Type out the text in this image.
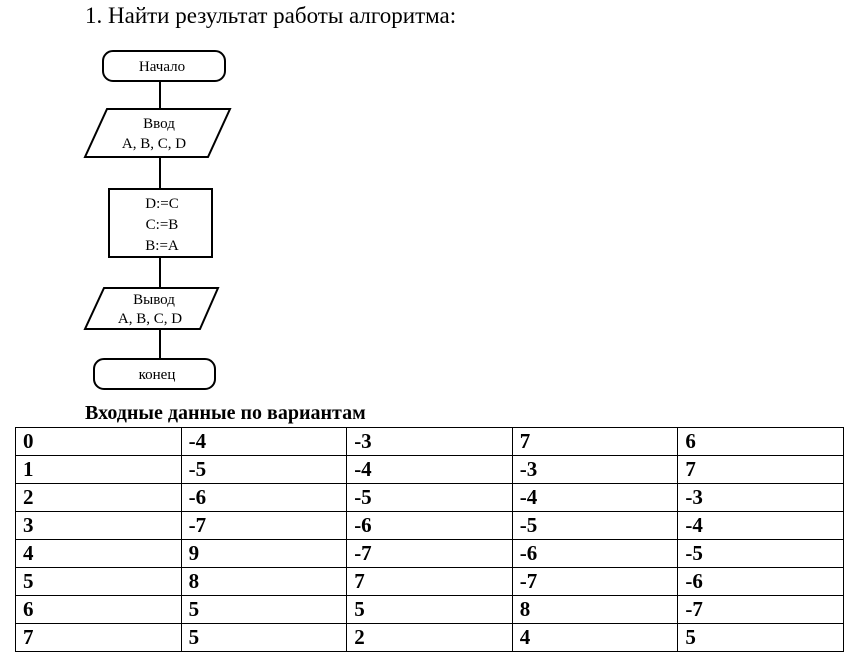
1. Найти результат работы алгоритма:
Начало
Ввод
A, B, C, D
D:=C
C:=B
B:=A
Вывод
A, B, C, D
конец
Входные данные по вариантам
0	-4	-3	7	6
1	-5	-4	-3	7
2	-6	-5	-4	-3
3	-7	-6	-5	-4
4	9	-7	-6	-5
5	8	7	-7	-6
6	5	5	8	-7
7	5	2	4	5
